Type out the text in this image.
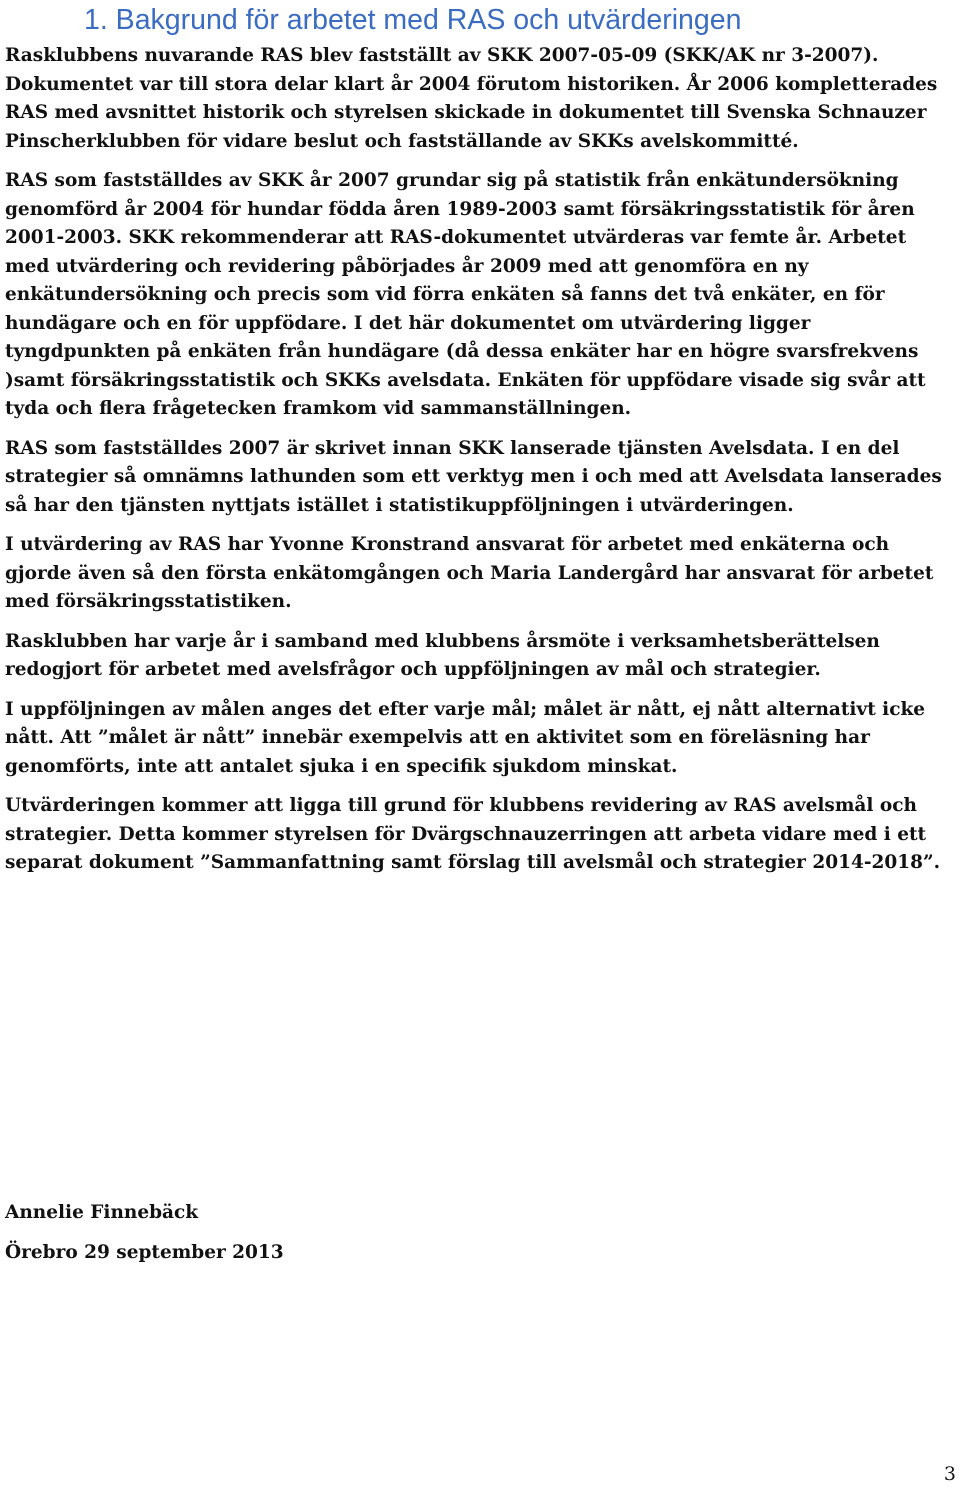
1. Bakgrund för arbetet med RAS och utvärderingen

Rasklubbens nuvarande RAS blev fastställt av SKK 2007-05-09 (SKK/AK nr 3-2007). Dokumentet var till stora delar klart år 2004 förutom historiken. År 2006 kompletterades RAS med avsnittet historik och styrelsen skickade in dokumentet till Svenska Schnauzer Pinscherklubben för vidare beslut och fastställande av SKKs avelskommitté.

RAS som fastställdes av SKK år 2007 grundar sig på statistik från enkätundersökning genomförd år 2004 för hundar födda åren 1989-2003 samt försäkringsstatistik för åren 2001-2003. SKK rekommenderar att RAS-dokumentet utvärderas var femte år. Arbetet med utvärdering och revidering påbörjades år 2009 med att genomföra en ny enkätundersökning och precis som vid förra enkäten så fanns det två enkäter, en för hundägare och en för uppfödare. I det här dokumentet om utvärdering ligger tyngdpunkten på enkäten från hundägare (då dessa enkäter har en högre svarsfrekvens )samt försäkringsstatistik och SKKs avelsdata. Enkäten för uppfödare visade sig svår att tyda och flera frågetecken framkom vid sammanställningen.

RAS som fastställdes 2007 är skrivet innan SKK lanserade tjänsten Avelsdata. I en del strategier så omnämns lathunden som ett verktyg men i och med att Avelsdata lanserades så har den tjänsten nyttjats istället i statistikuppföljningen i utvärderingen.

I utvärdering av RAS har Yvonne Kronstrand ansvarat för arbetet med enkäterna och gjorde även så den första enkätomgången och Maria Landergård har ansvarat för arbetet med försäkringsstatistiken.

Rasklubben har varje år i samband med klubbens årsmöte i verksamhetsberättelsen redogjort för arbetet med avelsfrågor och uppföljningen av mål och strategier.

I uppföljningen av målen anges det efter varje mål; målet är nått, ej nått alternativt icke nått. Att ”målet är nått” innebär exempelvis att en aktivitet som en föreläsning har genomförts, inte att antalet sjuka i en specifik sjukdom minskat.

Utvärderingen kommer att ligga till grund för klubbens revidering av RAS avelsmål och strategier. Detta kommer styrelsen för Dvärgschnauzerringen att arbeta vidare med i ett separat dokument ”Sammanfattning samt förslag till avelsmål och strategier 2014-2018”.

Annelie Finnebäck

Örebro 29 september 2013

3
